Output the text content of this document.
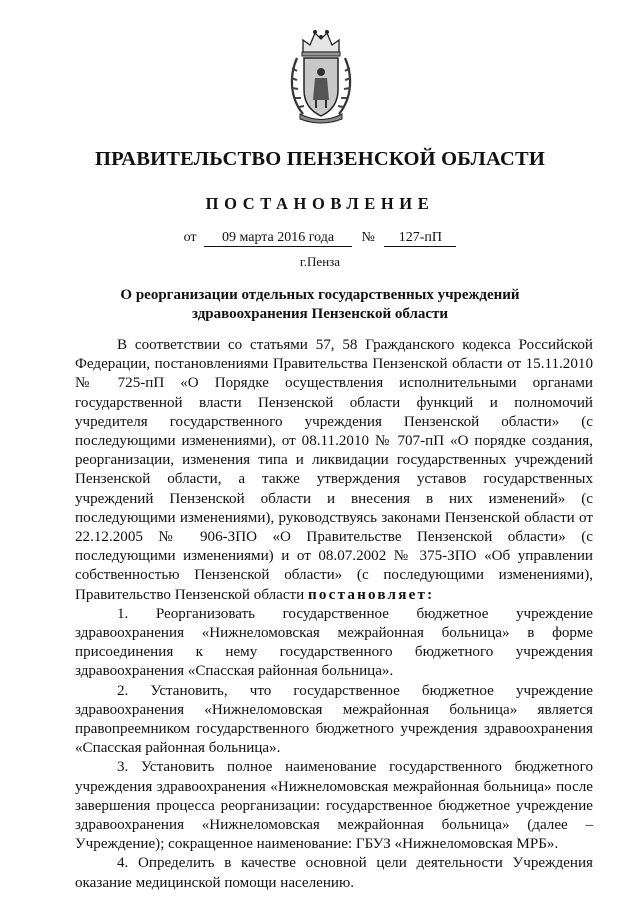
ПРАВИТЕЛЬСТВО ПЕНЗЕНСКОЙ ОБЛАСТИ
ПОСТАНОВЛЕНИЕ
от 09 марта 2016 года № 127-пП
г.Пенза
О реорганизации отдельных государственных учреждений здравоохранения Пензенской области

В соответствии со статьями 57, 58 Гражданского кодекса Российской Федерации, постановлениями Правительства Пензенской области от 15.11.2010 № 725-пП «О Порядке осуществления исполнительными органами государственной власти Пензенской области функций и полномочий учредителя государственного учреждения Пензенской области» (с последующими изменениями), от 08.11.2010 № 707-пП «О порядке создания, реорганизации, изменения типа и ликвидации государственных учреждений Пензенской области, а также утверждения уставов государственных учреждений Пензенской области и внесения в них изменений» (с последующими изменениями), руководствуясь законами Пензенской области от 22.12.2005 № 906-ЗПО «О Правительстве Пензенской области» (с последующими изменениями) и от 08.07.2002 № 375-ЗПО «Об управлении собственностью Пензенской области» (с последующими изменениями), Правительство Пензенской области постановляет:

1. Реорганизовать государственное бюджетное учреждение здравоохранения «Нижнеломовская межрайонная больница» в форме присоединения к нему государственного бюджетного учреждения здравоохранения «Спасская районная больница».

2. Установить, что государственное бюджетное учреждение здравоохранения «Нижнеломовская межрайонная больница» является правопреемником государственного бюджетного учреждения здравоохранения «Спасская районная больница».

3. Установить полное наименование государственного бюджетного учреждения здравоохранения «Нижнеломовская межрайонная больница» после завершения процесса реорганизации: государственное бюджетное учреждение здравоохранения «Нижнеломовская межрайонная больница» (далее – Учреждение); сокращенное наименование: ГБУЗ «Нижнеломовская МРБ».

4. Определить в качестве основной цели деятельности Учреждения оказание медицинской помощи населению.
